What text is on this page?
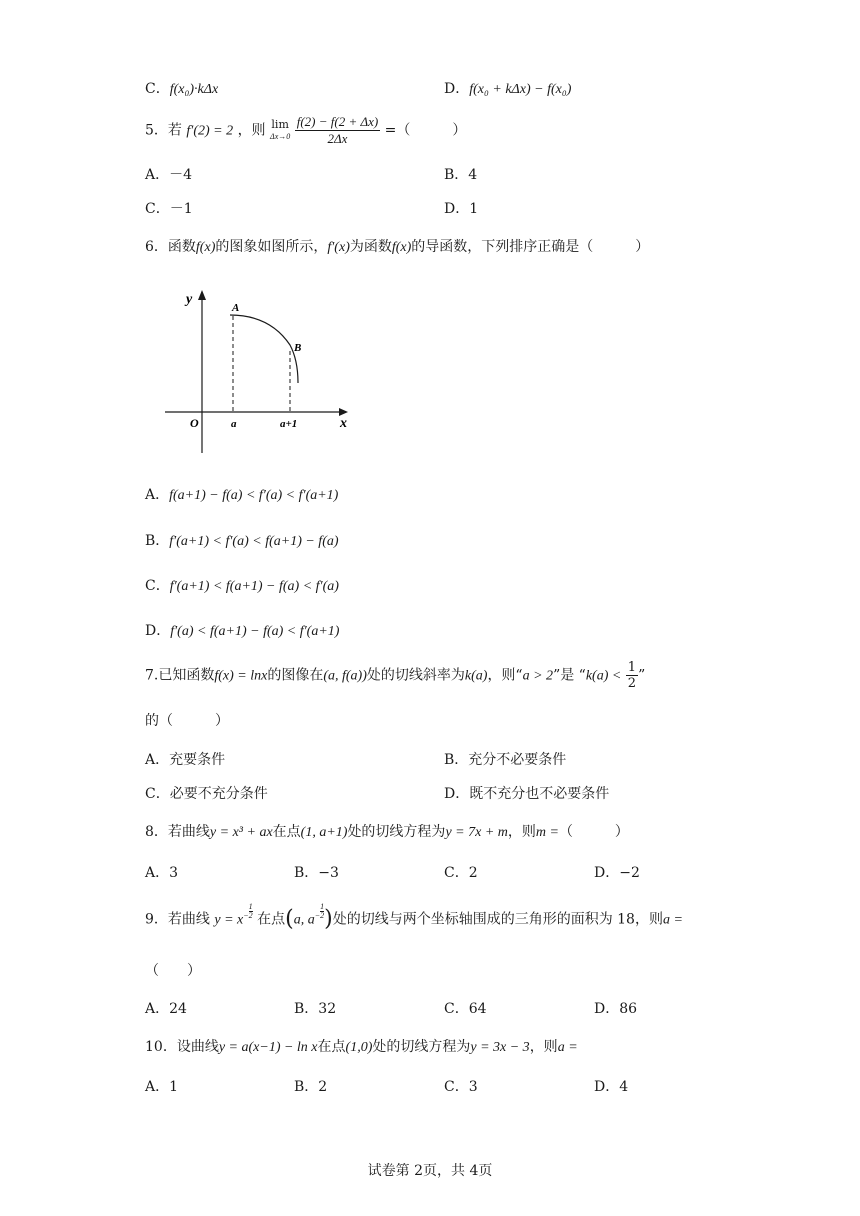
C．f(x₀)·kΔx	D．f(x₀ + kΔx) − f(x₀)
5．若 f′(2) = 2 ，则 lim
Δx→0
$\frac{f(2) - f(2 + \Delta x)}{2\Delta x}$ =（　　　）
A．－4	B．4
C．－1	D．1
6．函数f(x)的图象如图所示，f′(x)为函数f(x)的导函数，下列排序正确是（　　　）
y
x
O
A
B
a	a+1
A．f(a+1) − f(a) < f′(a) < f′(a+1)
B．f′(a+1) < f′(a) < f(a+1) − f(a)
C．f′(a+1) < f(a+1) − f(a) < f′(a)
D．f′(a) < f(a+1) − f(a) < f′(a+1)
7.已知函数f(x) = lnx的图像在(a, f(a))处的切线斜率为k(a)，则“a > 2”是 “$k(a) < \frac{1}{2}$ ”
的（　　　）
A．充要条件	B．充分不必要条件
C．必要不充分条件	D．既不充分也不必要条件
8．若曲线y = x³ + ax在点(1, a+1)处的切线方程为y = 7x + m，则m =（　　　）
A．3	B．−3	C．2	D．−2
9．若曲线 $y = x- \frac{1}{2}$ 在点(a, $a- \frac{1}{2}$ )处的切线与两个坐标轴围成的三角形的面积为 18，则a =
（　　）
A．24	B．32	C．64	D．86
10．设曲线y = a(x−1) − ln x在点(1,0)处的切线方程为y = 3x − 3，则a =
A．1	B．2	C．3	D．4
试卷第 2页，共 4页
